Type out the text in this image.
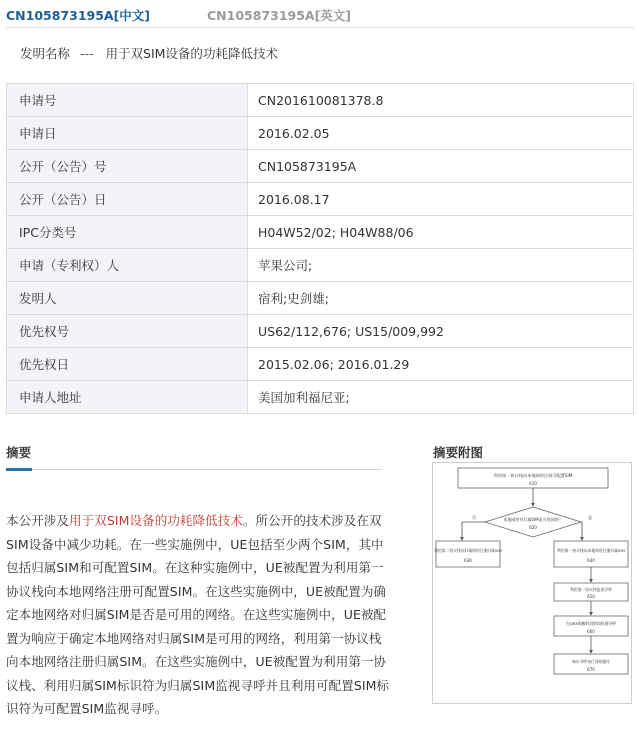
CN105873195A[中文]	CN105873195A[英文]
发明名称 --- 用于双SIM设备的功耗降低技术
申请号	CN201610081378.8
申请日	2016.02.05
公开（公告）号	CN105873195A
公开（公告）日	2016.08.17
IPC分类号	H04W52/02; H04W88/06
申请（专利权）人	苹果公司;
发明人	宿利;史剑雄;
优先权号	US62/112,676; US15/009,992
优先权日	2015.02.06; 2016.01.29
申请人地址	美国加利福尼亚;
摘要
本公开涉及用于双SIM设备的功耗降低技术。所公开的技术涉及在双SIM设备中减少功耗。在一些实施例中，UE包括至少两个SIM，其中包括归属SIM和可配置SIM。在这种实施例中，UE被配置为利用第一协议栈向本地网络注册可配置SIM。在这些实施例中，UE被配置为确定本地网络对归属SIM是否是可用的网络。在这些实施例中，UE被配置为响应于确定本地网络对归属SIM是可用的网络，利用第一协议栈向本地网络注册归属SIM。在这些实施例中，UE被配置为利用第一协议栈、利用归属SIM标识符为归属SIM监视寻呼并且利用可配置SIM标识符为可配置SIM监视寻呼。
摘要附图
利用第一协议栈向本地网络注册可配置SIM
610
本地网络对归属SIM是可用网络？
620
否	是
利用第二协议栈向归属网络注册归属SIM
630
利用第一协议栈向本地网络注册归属SIM
640
利用第一协议栈监视寻呼
650
在DRX唤醒时段期间检测寻呼
660
响应寻呼执行网络操作
670
